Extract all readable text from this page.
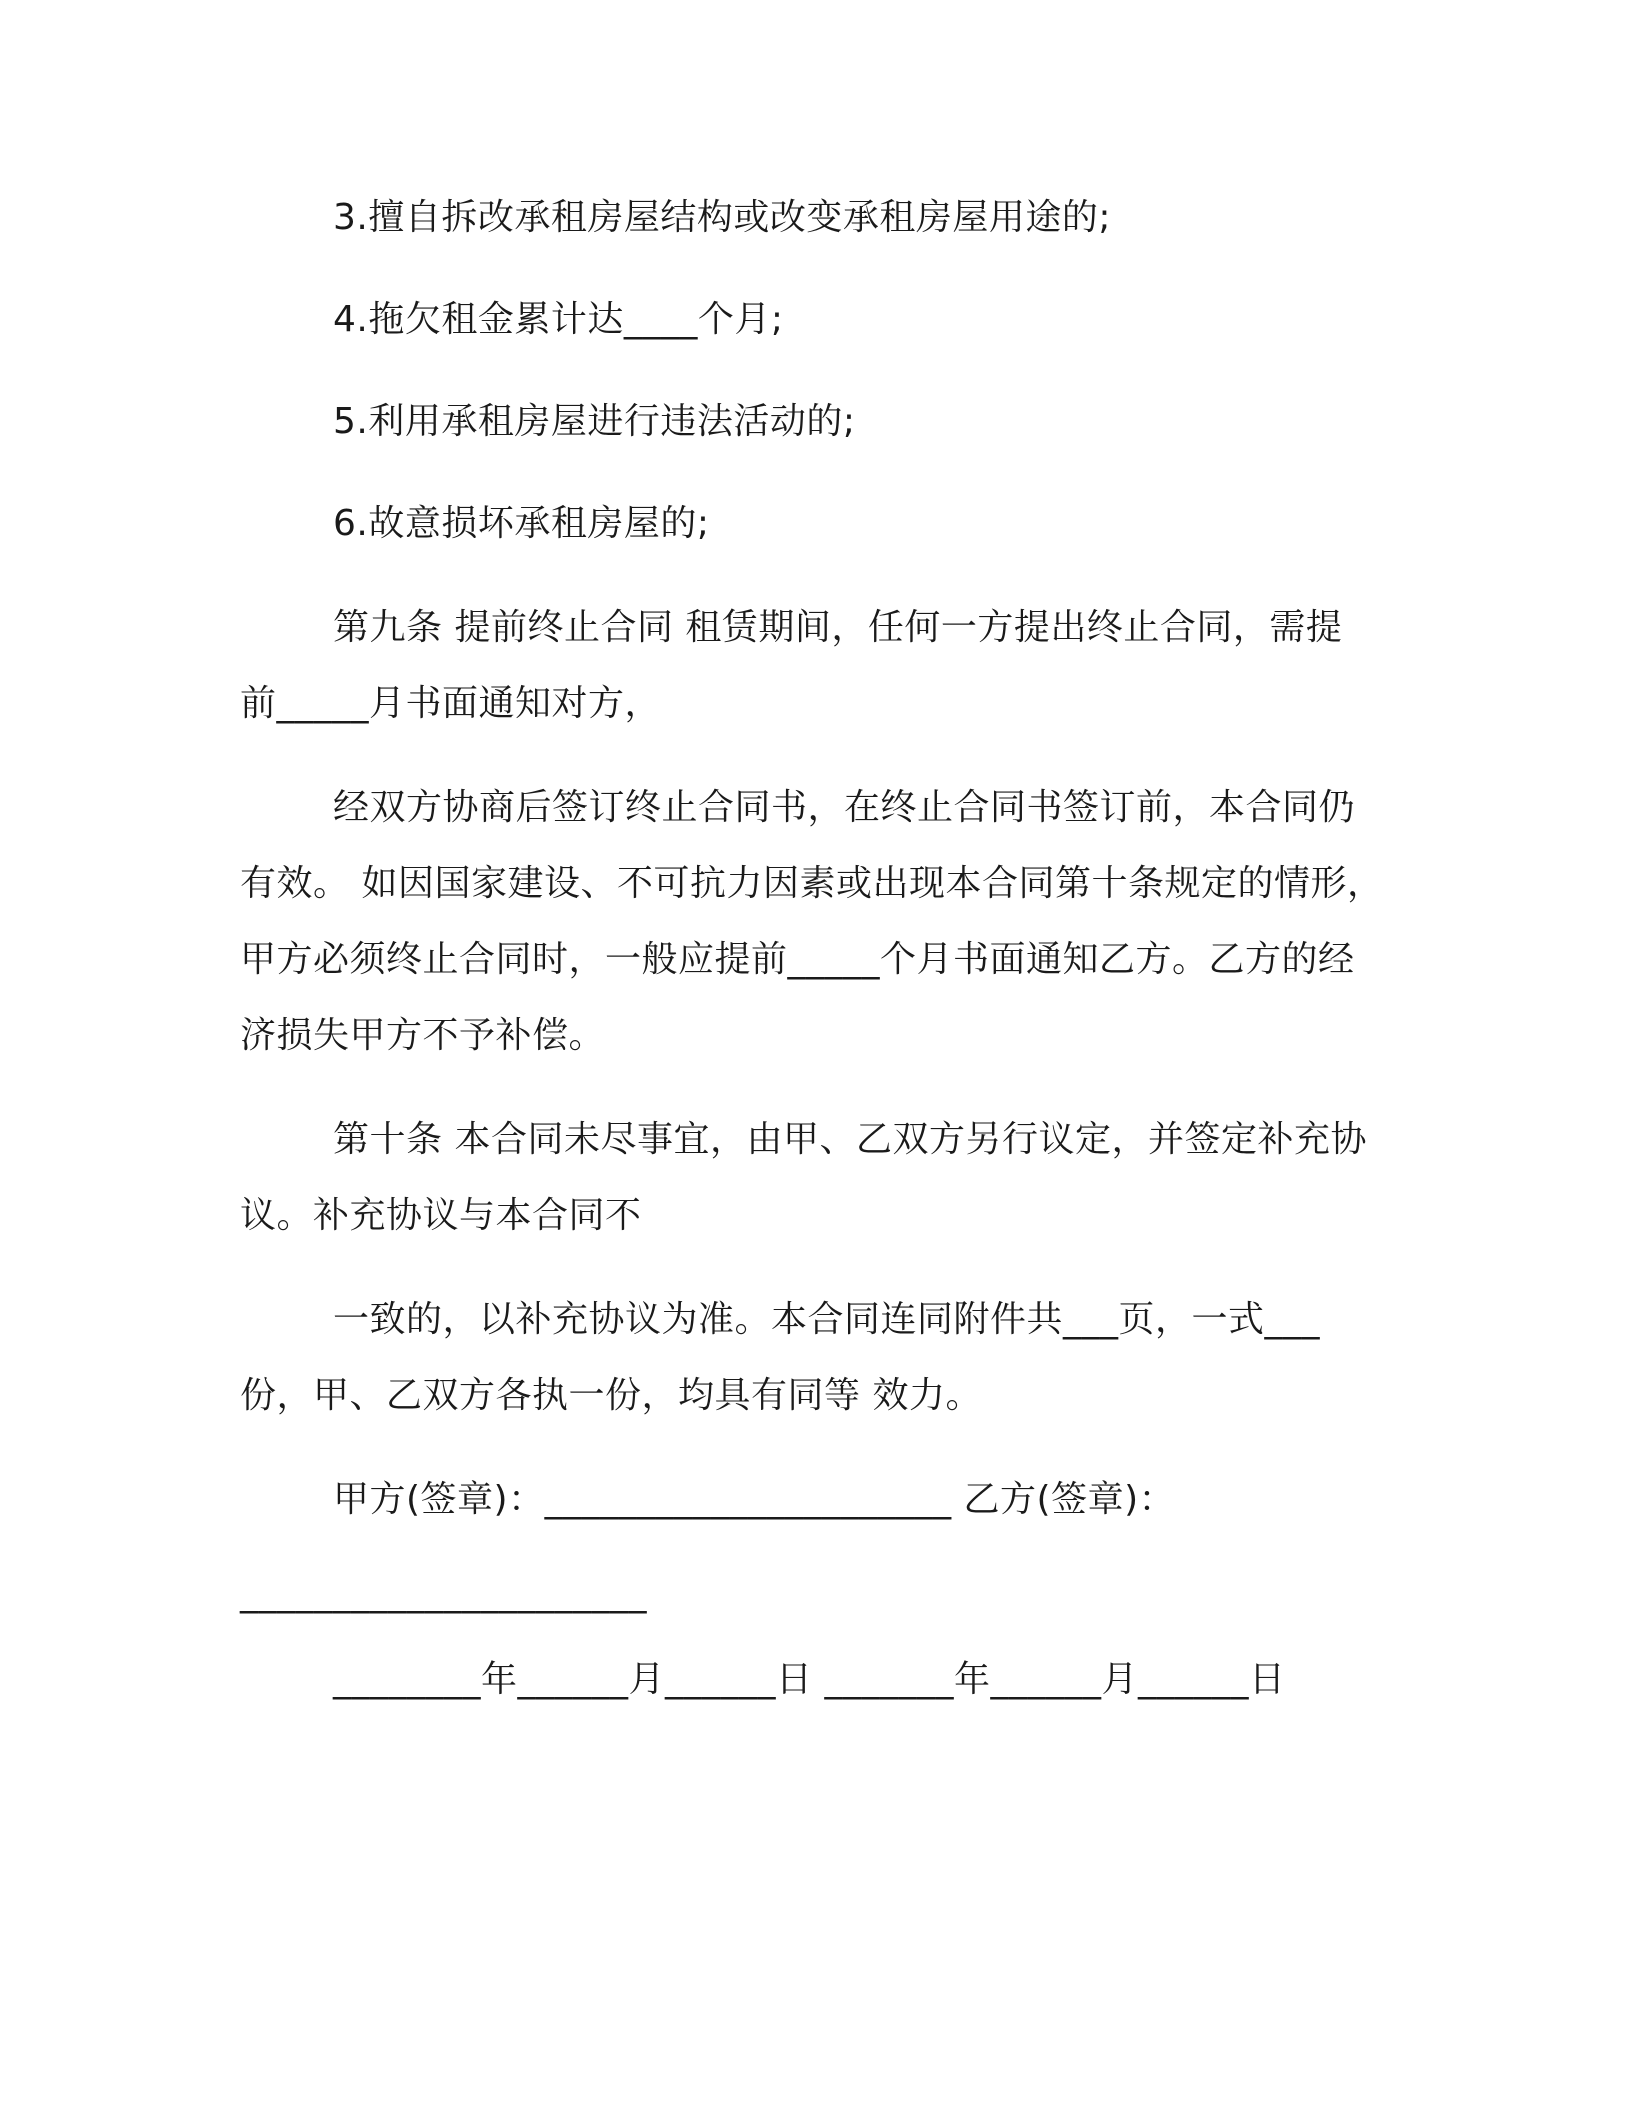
3.擅自拆改承租房屋结构或改变承租房屋用途的;
4.拖欠租金累计达____个月;
5.利用承租房屋进行违法活动的;
6.故意损坏承租房屋的;
第九条 提前终止合同 租赁期间，任何一方提出终止合同，需提
前_____月书面通知对方，
经双方协商后签订终止合同书，在终止合同书签订前，本合同仍
有效。 如因国家建设、不可抗力因素或出现本合同第十条规定的情形，
甲方必须终止合同时，一般应提前_____个月书面通知乙方。乙方的经
济损失甲方不予补偿。
第十条 本合同未尽事宜，由甲、乙双方另行议定，并签定补充协
议。补充协议与本合同不
一致的，以补充协议为准。本合同连同附件共___页，一式___
份，甲、乙双方各执一份，均具有同等 效力。
甲方(签章)：______________________ 乙方(签章)：
______________________
________年______月______日 _______年______月______日
